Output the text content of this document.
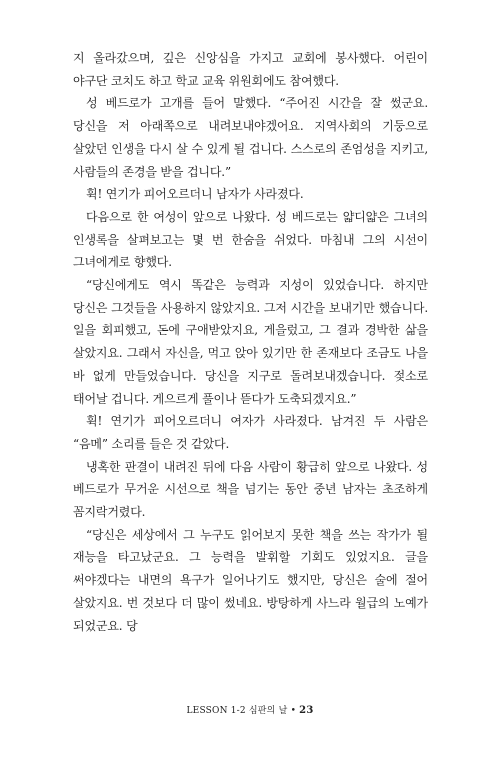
지 올라갔으며, 깊은 신앙심을 가지고 교회에 봉사했다. 어린이 야구단 코치도 하고 학교 교육 위원회에도 참여했다.

성 베드로가 고개를 들어 말했다. “주어진 시간을 잘 썼군요. 당신을 저 아래쪽으로 내려보내야겠어요. 지역사회의 기둥으로 살았던 인생을 다시 살 수 있게 될 겁니다. 스스로의 존엄성을 지키고, 사람들의 존경을 받을 겁니다.”

휙! 연기가 피어오르더니 남자가 사라졌다.

다음으로 한 여성이 앞으로 나왔다. 성 베드로는 얇디얇은 그녀의 인생록을 살펴보고는 몇 번 한숨을 쉬었다. 마침내 그의 시선이 그녀에게로 향했다.

“당신에게도 역시 똑같은 능력과 지성이 있었습니다. 하지만 당신은 그것들을 사용하지 않았지요. 그저 시간을 보내기만 했습니다. 일을 회피했고, 돈에 구애받았지요, 게을렀고, 그 결과 경박한 삶을 살았지요. 그래서 자신을, 먹고 앉아 있기만 한 존재보다 조금도 나을 바 없게 만들었습니다. 당신을 지구로 돌려보내겠습니다. 젖소로 태어날 겁니다. 게으르게 풀이나 뜯다가 도축되겠지요.”

휙! 연기가 피어오르더니 여자가 사라졌다. 남겨진 두 사람은 “음메” 소리를 들은 것 같았다.

냉혹한 판결이 내려진 뒤에 다음 사람이 황급히 앞으로 나왔다. 성 베드로가 무거운 시선으로 책을 넘기는 동안 중년 남자는 초조하게 꼼지락거렸다.

“당신은 세상에서 그 누구도 읽어보지 못한 책을 쓰는 작가가 될 재능을 타고났군요. 그 능력을 발휘할 기회도 있었지요. 글을 써야겠다는 내면의 욕구가 일어나기도 했지만, 당신은 술에 절어 살았지요. 번 것보다 더 많이 썼네요. 방탕하게 사느라 월급의 노예가 되었군요. 당

LESSON 1-2 심판의 날 • 23
